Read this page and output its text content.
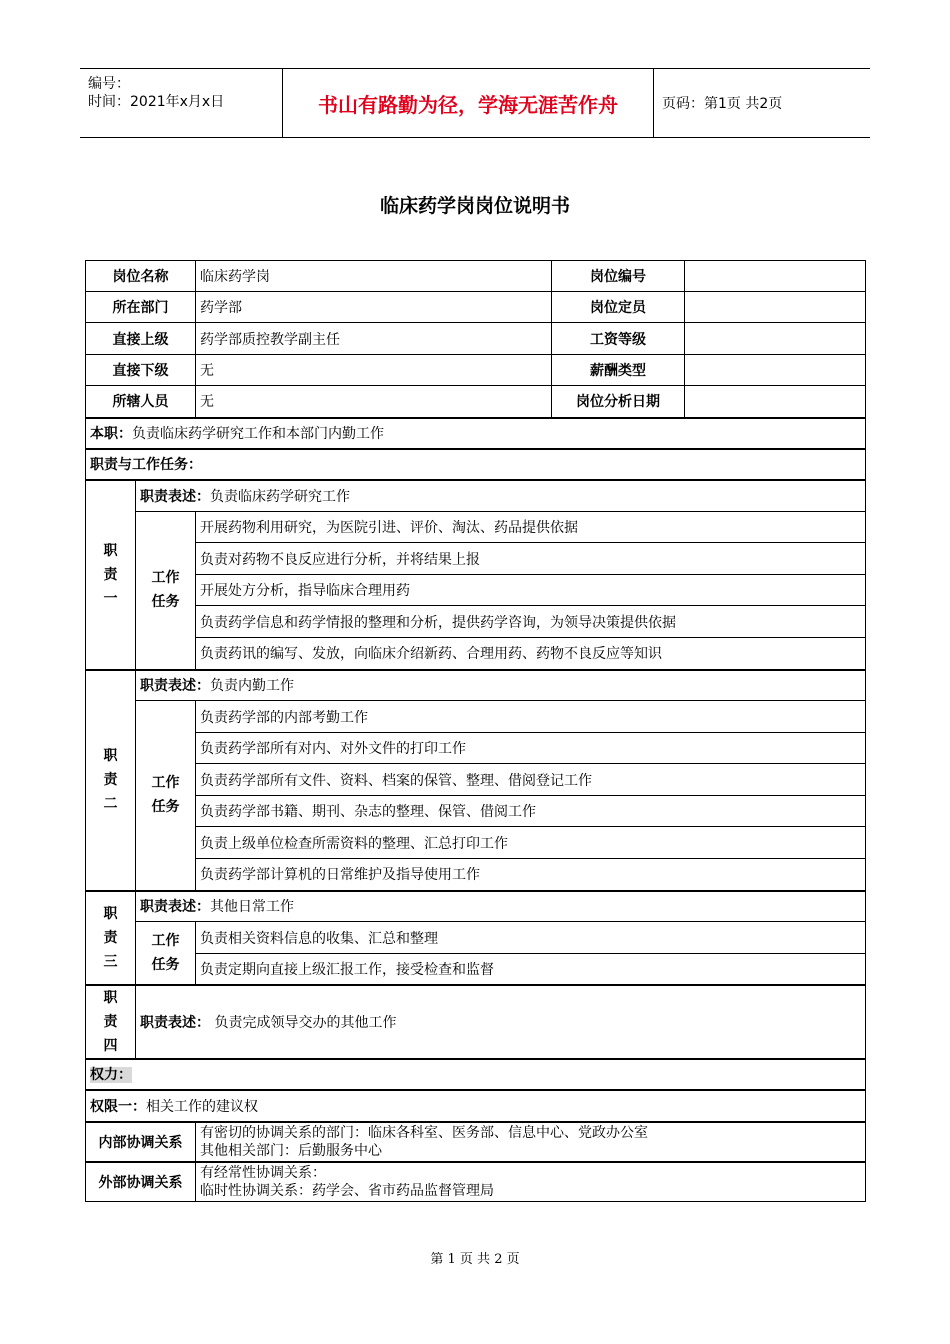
编号：
时间：2021年x月x日	书山有路勤为径，学海无涯苦作舟	页码：第1页 共2页
临床药学岗岗位说明书
岗位名称		临床药学岗	岗位编号	
所在部门		药学部	岗位定员	
直接上级		药学部质控教学副主任	工资等级	
直接下级		无	薪酬类型	
所辖人员		无	岗位分析日期	
本职：负责临床药学研究工作和本部门内勤工作				
职责与工作任务：				

职
责
一	职责表述：负责临床药学研究工作			

	工作
任务	开展药物利用研究，为医院引进、评价、淘汰、药品提供依据		
		负责对药物不良反应进行分析，并将结果上报		
		开展处方分析，指导临床合理用药		
		负责药学信息和药学情报的整理和分析，提供药学咨询，为领导决策提供依据		
		负责药讯的编写、发放，向临床介绍新药、合理用药、药物不良反应等知识		

职
责
二	职责表述：负责内勤工作			

	工作
任务	负责药学部的内部考勤工作		
		负责药学部所有对内、对外文件的打印工作		
		负责药学部所有文件、资料、档案的保管、整理、借阅登记工作		
		负责药学部书籍、期刊、杂志的整理、保管、借阅工作		
		负责上级单位检查所需资料的整理、汇总打印工作		
		负责药学部计算机的日常维护及指导使用工作		

职
责
三	职责表述：其他日常工作			

	工作
任务	负责相关资料信息的收集、汇总和整理		
		负责定期向直接上级汇报工作，接受检查和监督		

职
责
四	职责表述： 负责完成领导交办的其他工作			
权力：				
权限一：相关工作的建议权				
内部协调关系		有密切的协调关系的部门：临床各科室、医务部、信息中心、党政办公室
其他相关部门：后勤服务中心		

外部协调关系		有经常性协调关系：
临时性协调关系：药学会、省市药品监督管理局		
第 1 页 共 2 页
